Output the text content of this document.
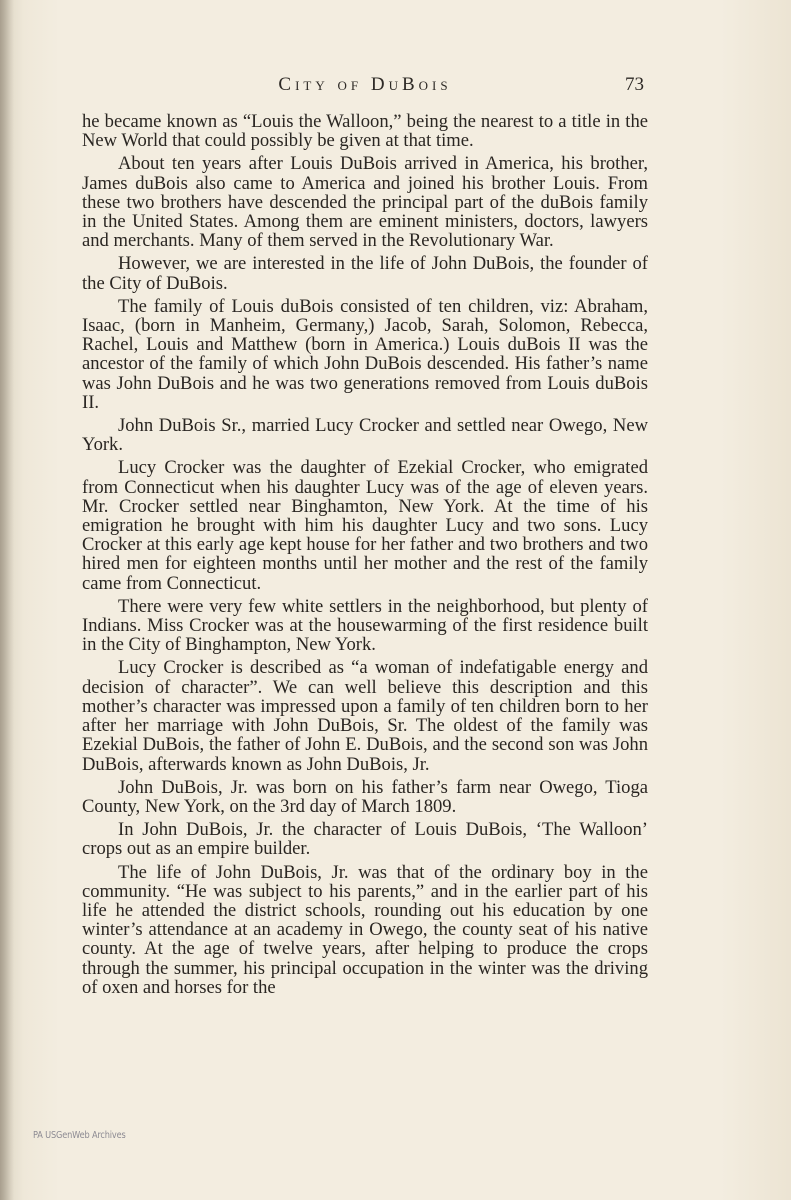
City of DuBois	73

he became known as “Louis the Walloon,” being the nearest to a title in the New World that could possibly be given at that time.

About ten years after Louis DuBois arrived in America, his brother, James duBois also came to America and joined his brother Louis. From these two brothers have descended the principal part of the duBois family in the United States. Among them are eminent ministers, doctors, lawyers and merchants. Many of them served in the Revolutionary War.

However, we are interested in the life of John DuBois, the founder of the City of DuBois.

The family of Louis duBois consisted of ten children, viz: Abraham, Isaac, (born in Manheim, Germany,) Jacob, Sarah, Solomon, Rebecca, Rachel, Louis and Matthew (born in America.) Louis duBois II was the ancestor of the family of which John DuBois descended. His father’s name was John DuBois and he was two generations removed from Louis duBois II.

John DuBois Sr., married Lucy Crocker and settled near Owego, New York.

Lucy Crocker was the daughter of Ezekial Crocker, who emigrated from Connecticut when his daughter Lucy was of the age of eleven years. Mr. Crocker settled near Binghamton, New York. At the time of his emigration he brought with him his daughter Lucy and two sons. Lucy Crocker at this early age kept house for her father and two brothers and two hired men for eighteen months until her mother and the rest of the family came from Connecticut.

There were very few white settlers in the neighborhood, but plenty of Indians. Miss Crocker was at the housewarming of the first residence built in the City of Binghampton, New York.

Lucy Crocker is described as “a woman of indefatigable energy and decision of character”. We can well believe this description and this mother’s character was impressed upon a family of ten children born to her after her marriage with John DuBois, Sr. The oldest of the family was Ezekial DuBois, the father of John E. DuBois, and the second son was John DuBois, afterwards known as John DuBois, Jr.

John DuBois, Jr. was born on his father’s farm near Owego, Tioga County, New York, on the 3rd day of March 1809.

In John DuBois, Jr. the character of Louis DuBois, ‘The Walloon’ crops out as an empire builder.

The life of John DuBois, Jr. was that of the ordinary boy in the community. “He was subject to his parents,” and in the earlier part of his life he attended the district schools, rounding out his education by one winter’s attendance at an academy in Owego, the county seat of his native county. At the age of twelve years, after helping to produce the crops through the summer, his principal occupation in the winter was the driving of oxen and horses for the

PA USGenWeb Archives
